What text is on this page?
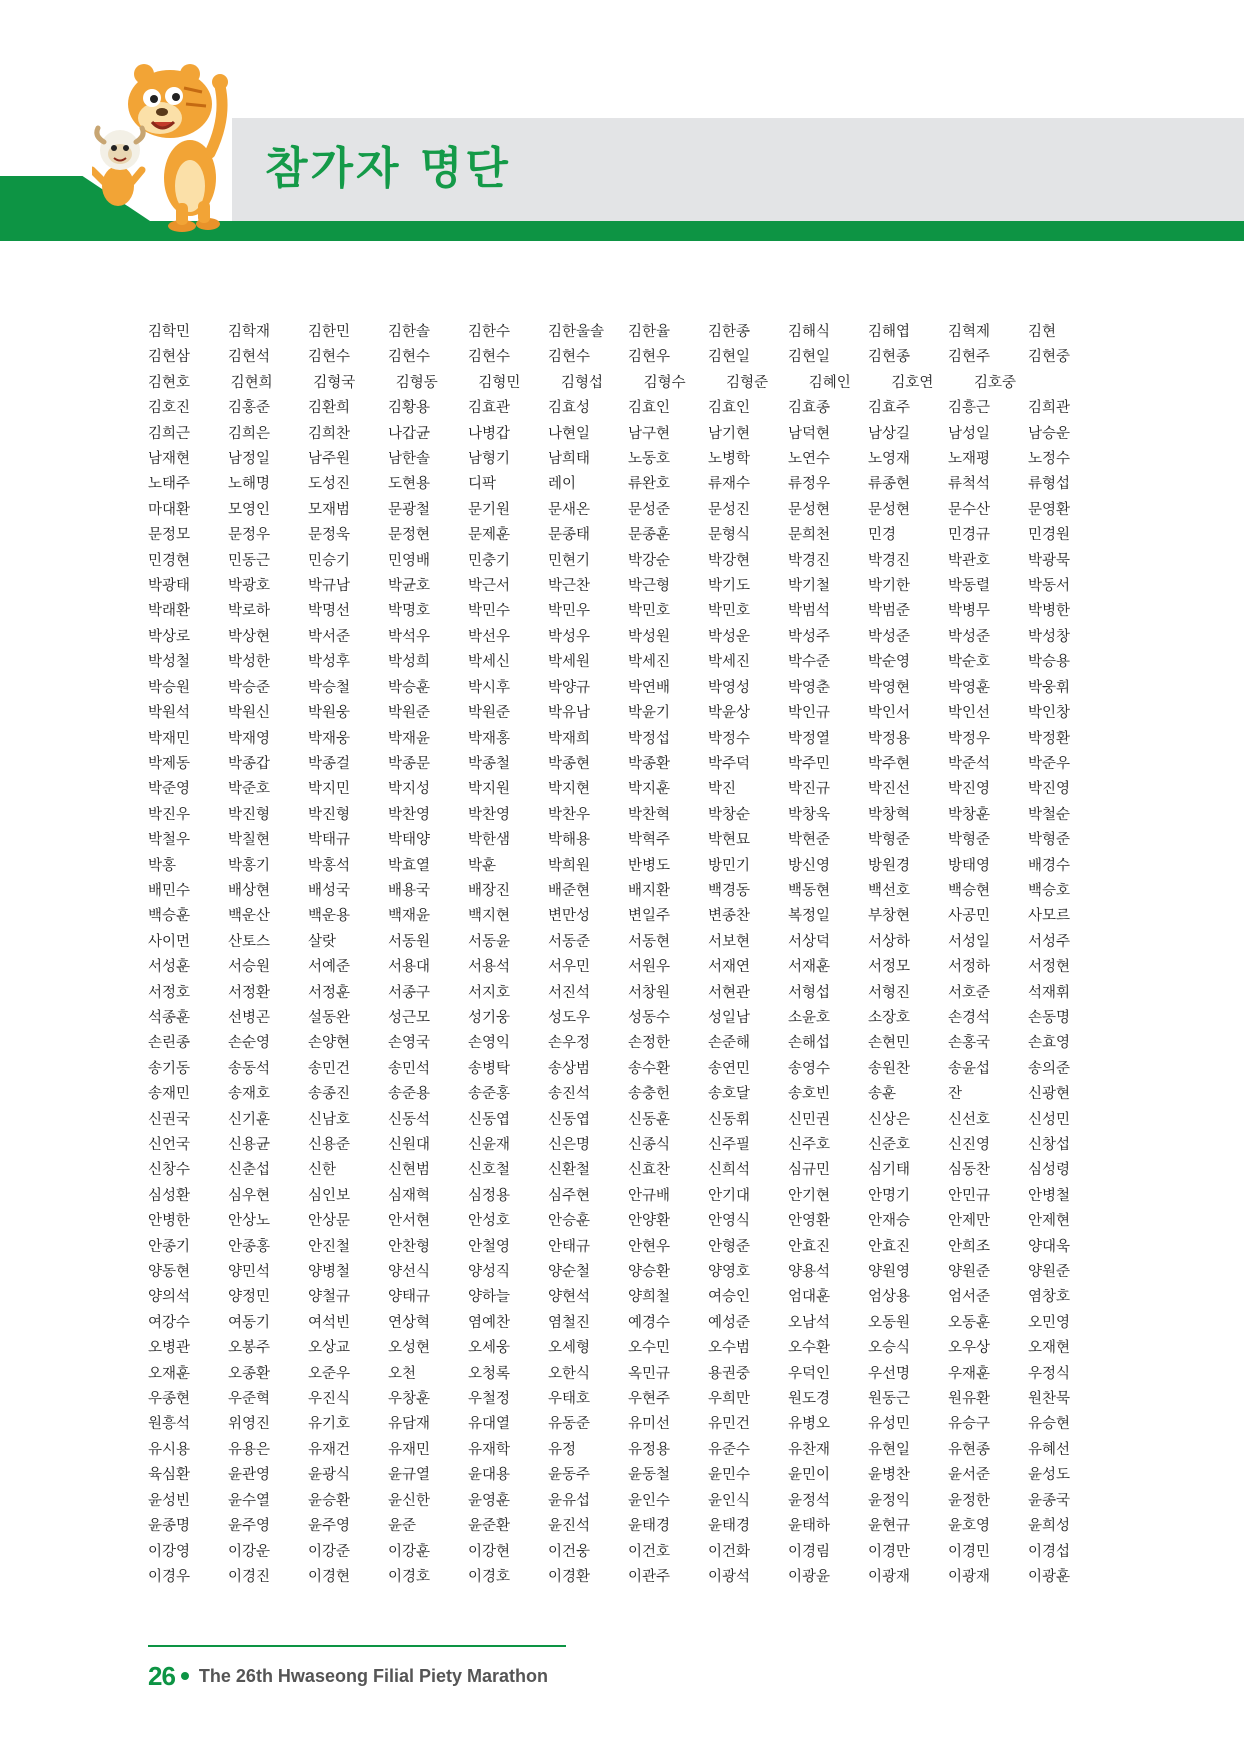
참가자 명단
김학민	김학재	김한민	김한솔	김한수	김한울솔	김한율	김한종	김해식	김해엽	김혁제	김현
김현삼	김현석	김현수	김현수	김현수	김현수	김현우	김현일	김현일	김현종	김현주	김현중
김현호	김현희	김형국	김형동	김형민	김형섭	김형수	김형준	김혜인	김호연	김호중
김호진	김홍준	김환희	김황용	김효관	김효성	김효인	김효인	김효종	김효주	김흥근	김희관
김희근	김희은	김희찬	나갑균	나병갑	나현일	남구현	남기현	남덕현	남상길	남성일	남승운
남재현	남정일	남주원	남한솔	남형기	남희태	노동호	노병학	노연수	노영재	노재평	노정수
노태주	노해명	도성진	도현용	디팍	레이	류완호	류재수	류정우	류종현	류척석	류형섭
마대환	모영인	모재범	문광철	문기원	문새온	문성준	문성진	문성현	문성현	문수산	문영환
문정모	문정우	문정욱	문정현	문제훈	문종태	문종훈	문형식	문희천	민경	민경규	민경원
민경현	민동근	민승기	민영배	민충기	민현기	박강순	박강현	박경진	박경진	박관호	박광묵
박광태	박광호	박규남	박균호	박근서	박근찬	박근형	박기도	박기철	박기한	박동렬	박동서
박래환	박로하	박명선	박명호	박민수	박민우	박민호	박민호	박범석	박범준	박병무	박병한
박상로	박상현	박서준	박석우	박선우	박성우	박성원	박성운	박성주	박성준	박성준	박성창
박성철	박성한	박성후	박성희	박세신	박세원	박세진	박세진	박수준	박순영	박순호	박승용
박승원	박승준	박승철	박승훈	박시후	박양규	박연배	박영성	박영춘	박영현	박영훈	박웅휘
박원석	박원신	박원웅	박원준	박원준	박유남	박윤기	박윤상	박인규	박인서	박인선	박인창
박재민	박재영	박재웅	박재윤	박재홍	박재희	박정섭	박정수	박정열	박정용	박정우	박정환
박제동	박종갑	박종걸	박종문	박종철	박종현	박종환	박주덕	박주민	박주현	박준석	박준우
박준영	박준호	박지민	박지성	박지원	박지현	박지훈	박진	박진규	박진선	박진영	박진영
박진우	박진형	박진형	박찬영	박찬영	박찬우	박찬혁	박창순	박창욱	박창혁	박창훈	박철순
박철우	박칠현	박태규	박태양	박한샘	박해용	박혁주	박현묘	박현준	박형준	박형준	박형준
박홍	박홍기	박홍석	박효열	박훈	박희원	반병도	방민기	방신영	방원경	방태영	배경수
배민수	배상현	배성국	배용국	배장진	배준현	배지환	백경동	백동현	백선호	백승현	백승호
백승훈	백운산	백운용	백재윤	백지현	변만성	변일주	변종찬	복정일	부창현	사공민	사모르
사이먼	산토스	살랏	서동원	서동윤	서동준	서동현	서보현	서상덕	서상하	서성일	서성주
서성훈	서승원	서예준	서용대	서용석	서우민	서원우	서재연	서재훈	서정모	서정하	서정현
서정호	서정환	서정훈	서종구	서지호	서진석	서창원	서현관	서형섭	서형진	서호준	석재휘
석종훈	선병곤	설동완	성근모	성기웅	성도우	성동수	성일남	소윤호	소장호	손경석	손동명
손린종	손순영	손양현	손영국	손영익	손우정	손정한	손준해	손해섭	손현민	손홍국	손효영
송기동	송동석	송민건	송민석	송병탁	송상범	송수환	송연민	송영수	송원찬	송윤섭	송의준
송재민	송재호	송종진	송준용	송준홍	송진석	송충헌	송호달	송호빈	송훈	잔	신광현
신권국	신기훈	신남호	신동석	신동엽	신동엽	신동훈	신동휘	신민권	신상은	신선호	신성민
신언국	신용균	신용준	신원대	신윤재	신은명	신종식	신주필	신주호	신준호	신진영	신창섭
신창수	신춘섭	신한	신현범	신호철	신환철	신효찬	신희석	심규민	심기태	심동찬	심성령
심성환	심우현	심인보	심재혁	심정용	심주현	안규배	안기대	안기현	안명기	안민규	안병철
안병한	안상노	안상문	안서현	안성호	안승훈	안양환	안영식	안영환	안재승	안제만	안제현
안종기	안종홍	안진철	안찬형	안철영	안태규	안현우	안형준	안효진	안효진	안희조	양대욱
양동현	양민석	양병철	양선식	양성직	양순철	양승환	양영호	양용석	양원영	양원준	양원준
양의석	양정민	양철규	양태규	양하늘	양현석	양희철	여승인	엄대훈	엄상용	엄서준	염창호
여강수	여동기	여석빈	연상혁	염예찬	염철진	예경수	예성준	오남석	오동원	오동훈	오민영
오병관	오봉주	오상교	오성현	오세웅	오세형	오수민	오수범	오수환	오승식	오우상	오재현
오재훈	오종환	오준우	오천	오청록	오한식	옥민규	용권중	우덕인	우선명	우재훈	우정식
우종현	우준혁	우진식	우창훈	우철정	우태호	우현주	우희만	원도경	원동근	원유환	원찬묵
원흥석	위영진	유기호	유담재	유대열	유동준	유미선	유민건	유병오	유성민	유승구	유승현
유시용	유용은	유재건	유재민	유재학	유정	유정용	유준수	유찬재	유현일	유현종	유혜선
육심환	윤관영	윤광식	윤규열	윤대용	윤동주	윤동철	윤민수	윤민이	윤병찬	윤서준	윤성도
윤성빈	윤수열	윤승환	윤신한	윤영훈	윤유섭	윤인수	윤인식	윤정석	윤정익	윤정한	윤종국
윤종명	윤주영	윤주영	윤준	윤준환	윤진석	윤태경	윤태경	윤태하	윤현규	윤호영	윤희성
이강영	이강운	이강준	이강훈	이강현	이건웅	이건호	이건화	이경림	이경만	이경민	이경섭
이경우	이경진	이경현	이경호	이경호	이경환	이관주	이광석	이광윤	이광재	이광재	이광훈
26 The 26th Hwaseong Filial Piety Marathon
